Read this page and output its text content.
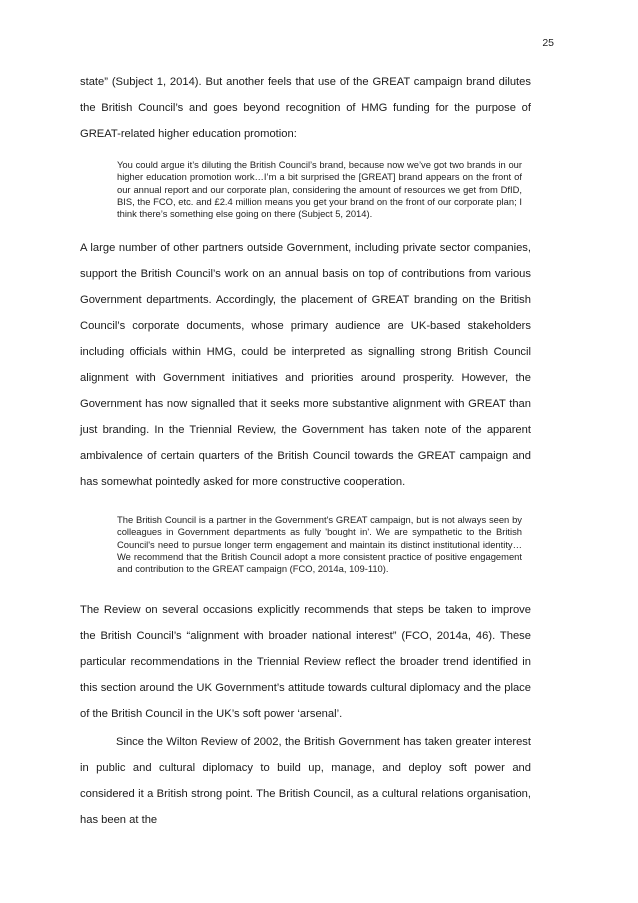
25

state” (Subject 1, 2014). But another feels that use of the GREAT campaign brand dilutes the British Council’s and goes beyond recognition of HMG funding for the purpose of GREAT-related higher education promotion:

You could argue it’s diluting the British Council’s brand, because now we’ve got two brands in our higher education promotion work…I’m a bit surprised the [GREAT] brand appears on the front of our annual report and our corporate plan, considering the amount of resources we get from DfID, BIS, the FCO, etc. and £2.4 million means you get your brand on the front of our corporate plan; I think there’s something else going on there (Subject 5, 2014).

A large number of other partners outside Government, including private sector companies, support the British Council’s work on an annual basis on top of contributions from various Government departments. Accordingly, the placement of GREAT branding on the British Council’s corporate documents, whose primary audience are UK-based stakeholders including officials within HMG, could be interpreted as signalling strong British Council alignment with Government initiatives and priorities around prosperity. However, the Government has now signalled that it seeks more substantive alignment with GREAT than just branding. In the Triennial Review, the Government has taken note of the apparent ambivalence of certain quarters of the British Council towards the GREAT campaign and has somewhat pointedly asked for more constructive cooperation.

The British Council is a partner in the Government's GREAT campaign, but is not always seen by colleagues in Government departments as fully 'bought in'. We are sympathetic to the British Council's need to pursue longer term engagement and maintain its distinct institutional identity…We recommend that the British Council adopt a more consistent practice of positive engagement and contribution to the GREAT campaign (FCO, 2014a, 109-110).

The Review on several occasions explicitly recommends that steps be taken to improve the British Council’s “alignment with broader national interest” (FCO, 2014a, 46). These particular recommendations in the Triennial Review reflect the broader trend identified in this section around the UK Government’s attitude towards cultural diplomacy and the place of the British Council in the UK’s soft power ‘arsenal’.

Since the Wilton Review of 2002, the British Government has taken greater interest in public and cultural diplomacy to build up, manage, and deploy soft power and considered it a British strong point. The British Council, as a cultural relations organisation, has been at the
